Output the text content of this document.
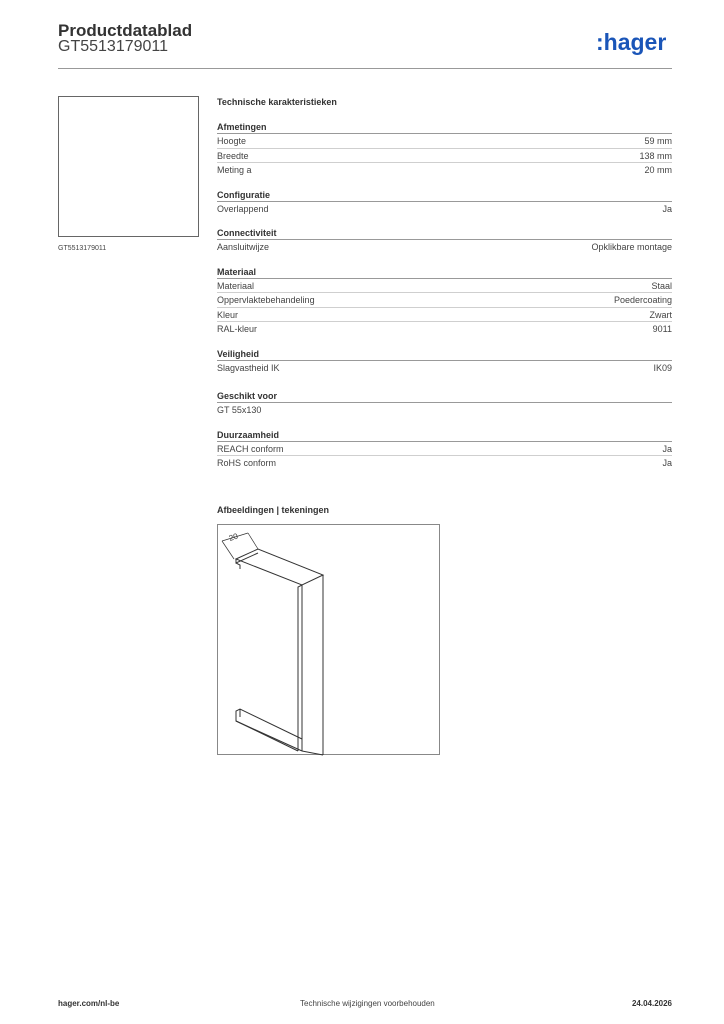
Productdatablad
GT5513179011	:hager
GT5513179011
Technische karakteristieken
Afmetingen
Hoogte	59 mm
Breedte	138 mm
Meting a	20 mm
Configuratie
Overlappend	Ja
Connectiviteit
Aansluitwijze	Opklikbare montage
Materiaal
Materiaal	Staal
Oppervlaktebehandeling	Poedercoating
Kleur	Zwart
RAL-kleur	9011
Veiligheid
Slagvastheid IK	IK09
Geschikt voor
GT 55x130
Duurzaamheid
REACH conform	Ja
RoHS conform	Ja
Afbeeldingen | tekeningen
20
hager.com/nl-be	Technische wijzigingen voorbehouden	24.04.2026
